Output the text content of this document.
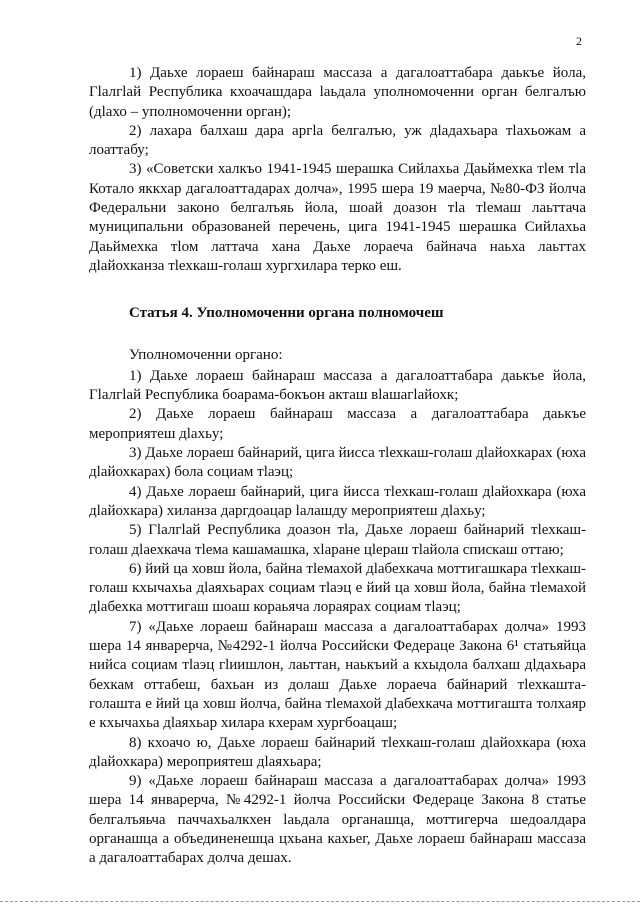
2

1) Даьхе лораеш байнараш массаза а дагалоаттабара даькъе йола, Гӏалгӏай Республика кхоачашдара ӏаьдала уполномоченни орган белгалъю (дӏахо – уполномоченни орган);

2) лахара балхаш дара аргӏа белгалъю, уж дӏадахьара тӏахьожам а лоаттабу;

3) «Советски халкъо 1941-1945 шерашка Сийлахьа Даьймехка тӏем тӏа Котало яккхар дагалоаттадарах долча», 1995 шера 19 маерча, №80-ФЗ йолча Федеральни законо белгалъяь йола, шоай доазон тӏа тӏемаш лаьттача муниципальни образованей перечень, цига 1941-1945 шерашка Сийлахьа Даьймехка тӏом латтача хана Даьхе лораеча байнача наьха лаьттах дӏайохканза тӏехкаш-голаш хургхилара терко еш.

Статья 4. Уполномоченни органа полномочеш

Уполномоченни органо:

1) Даьхе лораеш байнараш массаза а дагалоаттабара даькъе йола, Гӏалгӏай Республика боарама-бокъон акташ вӏашагӏайохк;

2) Даьхе лораеш байнараш массаза а дагалоаттабара даькъе мероприятеш дӏахьу;

3) Даьхе лораеш байнарий, цига йисса тӏехкаш-голаш дӏайохкарах (юха дӏайохкарах) бола социам тӏаэц;

4) Даьхе лораеш байнарий, цига йисса тӏехкаш-голаш дӏайохкара (юха дӏайохкара) хиланза даргдоацар ӏалашду мероприятеш дӏахьу;

5) Гӏалгӏай Республика доазон тӏа, Даьхе лораеш байнарий тӏехкаш-голаш дӏаехкача тӏема кашамашка, хӏаране цӏераш тӏайола спискаш оттаю;

6) йий ца ховш йола, байна тӏемахой дӏабехкача моттигашкара тӏехкаш-голаш кхычахьа дӏаяхьарах социам тӏаэц е йий ца ховш йола, байна тӏемахой дӏабехка моттигаш шоаш кораьяча лораярах социам тӏаэц;

7) «Даьхе лораеш байнараш массаза а дагалоаттабарах долча» 1993 шера 14 январерча, №4292-1 йолча Российски Федераце Закона 6¹ статьяйца нийса социам тӏаэц гӏиишлон, лаьттан, наькъий а кхыдола балхаш дӏдахьара бехкам оттабеш, бахьан из долаш Даьхе лораеча байнарий тӏехкашта-голашта е йий ца ховш йолча, байна тӏемахой дӏабехкача моттигашта толхаяр е кхычахьа дӏаяхьар хилара кхерам хургбоацаш;

8) кхоачо ю, Даьхе лораеш байнарий тӏехкаш-голаш дӏайохкара (юха дӏайохкара) мероприятеш дӏаяхьара;

9) «Даьхе лораеш байнараш массаза а дагалоаттабарах долча» 1993 шера 14 январерча, №4292-1 йолча Российски Федераце Закона 8 статье белгалъяьча паччахьалкхен ӏаьдала органашца, моттигерча шедоалдара органашца а объединенешца цхьана кахьег, Даьхе лораеш байнараш массаза а дагалоаттабарах долча дешах.
